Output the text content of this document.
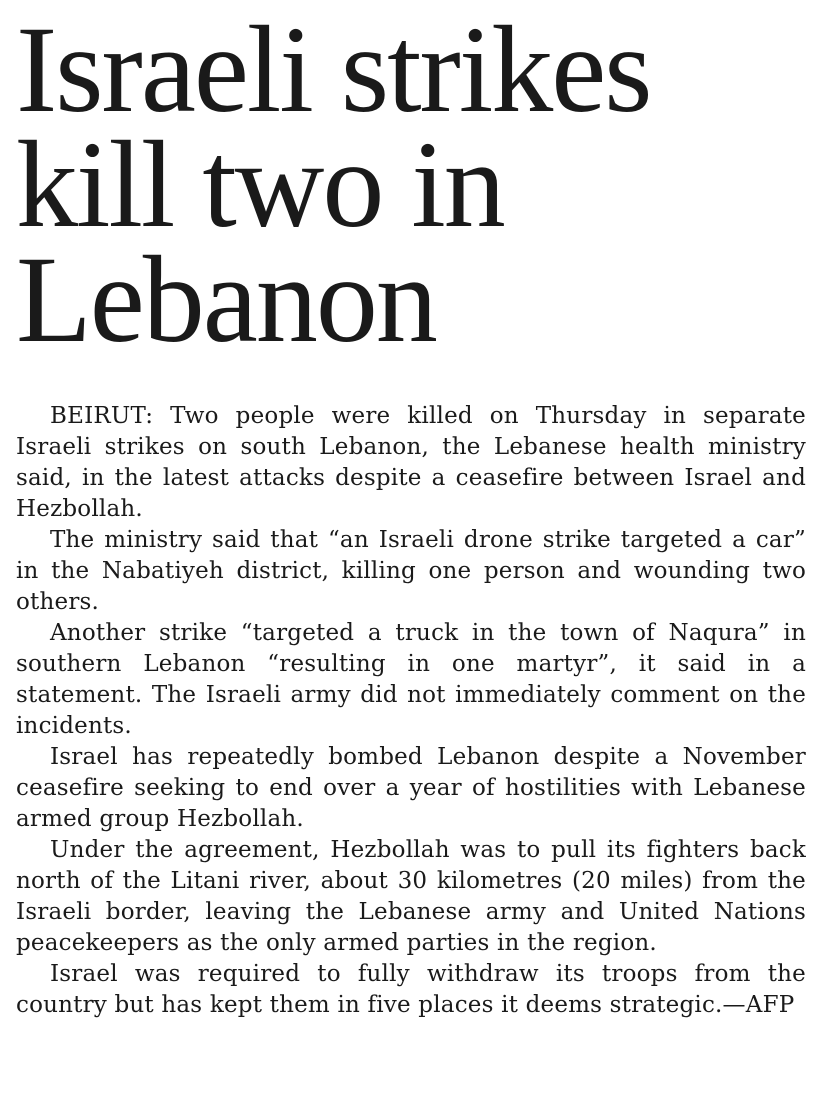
Israeli strikes
kill two in
Lebanon

BEIRUT: Two people were killed on Thursday in separate Israeli strikes on south Lebanon, the Lebanese health ministry said, in the latest attacks despite a ceasefire between Israel and Hezbollah.

The ministry said that “an Israeli drone strike targeted a car” in the Nabatiyeh district, killing one person and wounding two others.

Another strike “targeted a truck in the town of Naqura” in southern Lebanon “resulting in one martyr”, it said in a statement. The Israeli army did not immediately comment on the incidents.

Israel has repeatedly bombed Lebanon despite a November ceasefire seeking to end over a year of hostilities with Lebanese armed group Hezbollah.

Under the agreement, Hezbollah was to pull its fighters back north of the Litani river, about 30 kilometres (20 miles) from the Israeli border, leaving the Lebanese army and United Nations peacekeepers as the only armed parties in the region.

Israel was required to fully withdraw its troops from the country but has kept them in five places it deems strategic.—AFP
